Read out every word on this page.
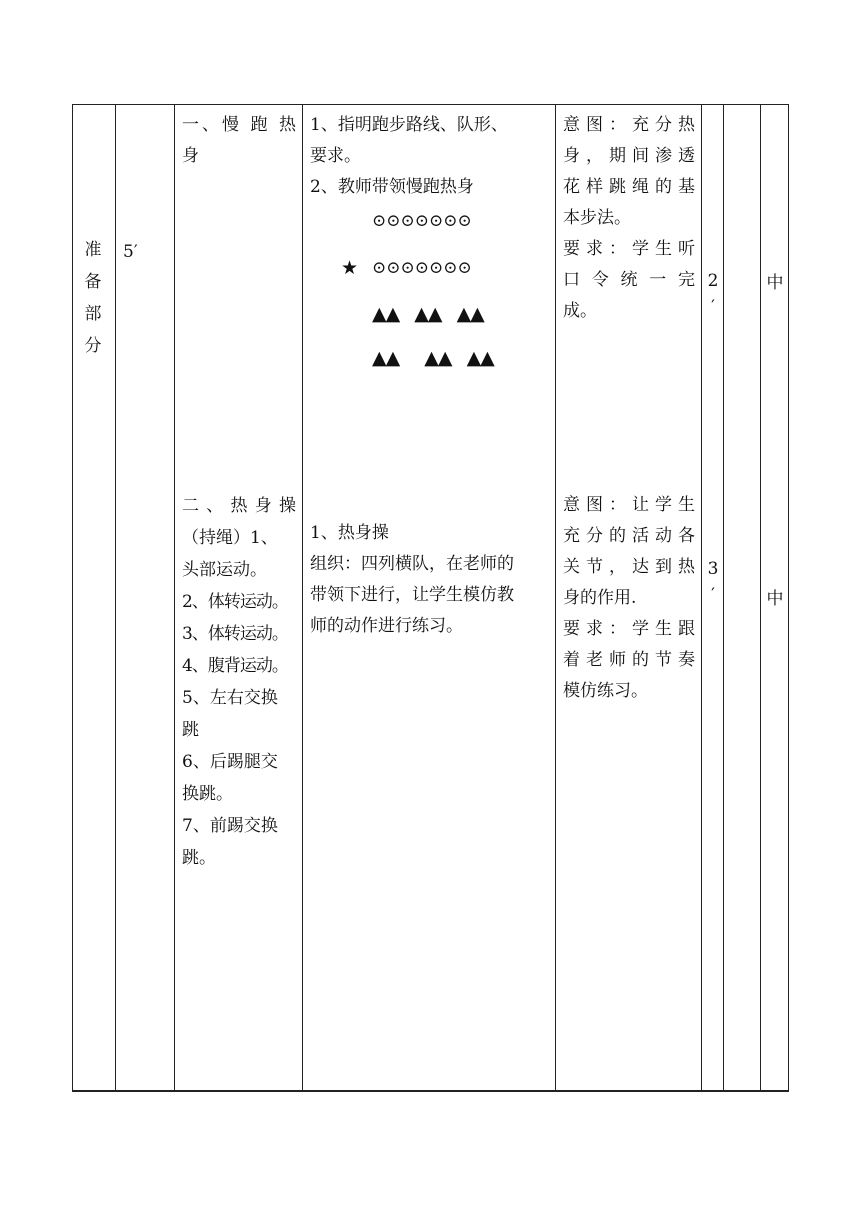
准
备
部
分
5′
一、慢 跑 热
身
1、指明跑步路线、队形、
要求。
2、教师带领慢跑热身
⊙⊙⊙⊙⊙⊙⊙
★ ⊙⊙⊙⊙⊙⊙⊙
▲▲ ▲▲ ▲▲
▲▲ ▲▲ ▲▲
意图：充分热
身，期间渗透
花样跳绳的基
本步法。
要求：学生听
口 令 统 一 完
成。
2
′
中
二、热身操
（持绳）1、
头部运动。
2、体转运动。
3、体转运动。
4、腹背运动。
5、左右交换
跳
6、后踢腿交
换跳。
7、前踢交换
跳。
1、热身操
组织：四列横队，在老师的
带领下进行，让学生模仿教
师的动作进行练习。
意图：让学生
充分的活动各
关节，达到热
身的作用.
要求：学生跟
着老师的节奏
模仿练习。
3
′	中
